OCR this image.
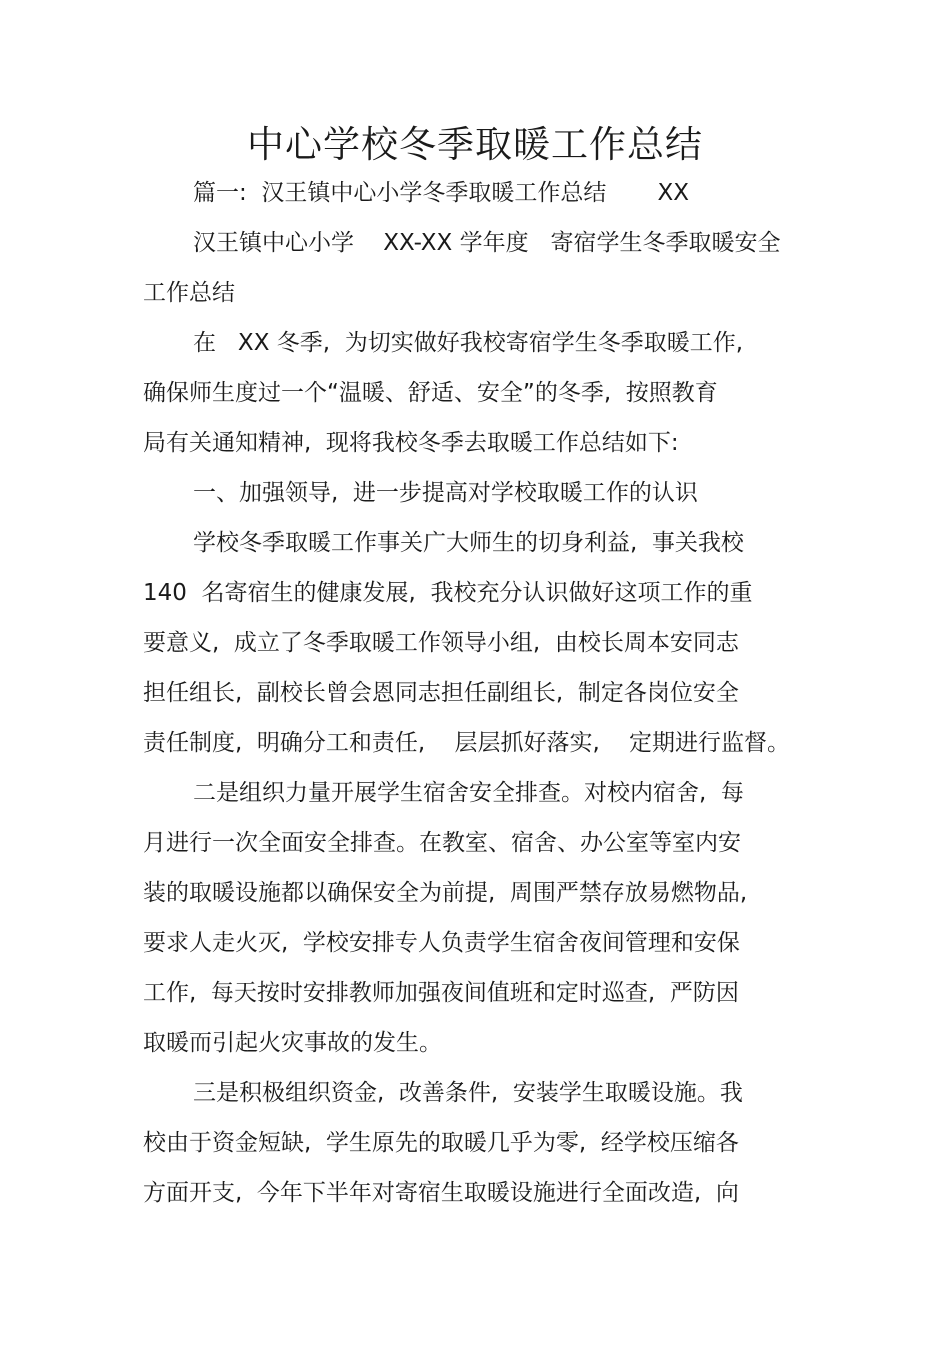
中心学校冬季取暖工作总结
篇一:  汉王镇中心小学冬季取暖工作总结       XX
汉王镇中心小学    XX-XX 学年度   寄宿学生冬季取暖安全
工作总结
在   XX 冬季,  为切实做好我校寄宿学生冬季取暖工作,
确保师生度过一个“温暖、舒适、安全”的冬季,  按照教育
局有关通知精神,  现将我校冬季去取暖工作总结如下:
一、加强领导,  进一步提高对学校取暖工作的认识
学校冬季取暖工作事关广大师生的切身利益,  事关我校
140  名寄宿生的健康发展,  我校充分认识做好这项工作的重
要意义,  成立了冬季取暖工作领导小组,  由校长周本安同志
担任组长,  副校长曾会恩同志担任副组长,  制定各岗位安全
责任制度,  明确分工和责任,    层层抓好落实,    定期进行监督。
二是组织力量开展学生宿舍安全排查。对校内宿舍,  每
月进行一次全面安全排查。在教室、宿舍、办公室等室内安
装的取暖设施都以确保安全为前提,  周围严禁存放易燃物品,
要求人走火灭,  学校安排专人负责学生宿舍夜间管理和安保
工作,  每天按时安排教师加强夜间值班和定时巡查,  严防因
取暖而引起火灾事故的发生。
三是积极组织资金,  改善条件,  安装学生取暖设施。我
校由于资金短缺,  学生原先的取暖几乎为零,  经学校压缩各
方面开支,  今年下半年对寄宿生取暖设施进行全面改造,  向
